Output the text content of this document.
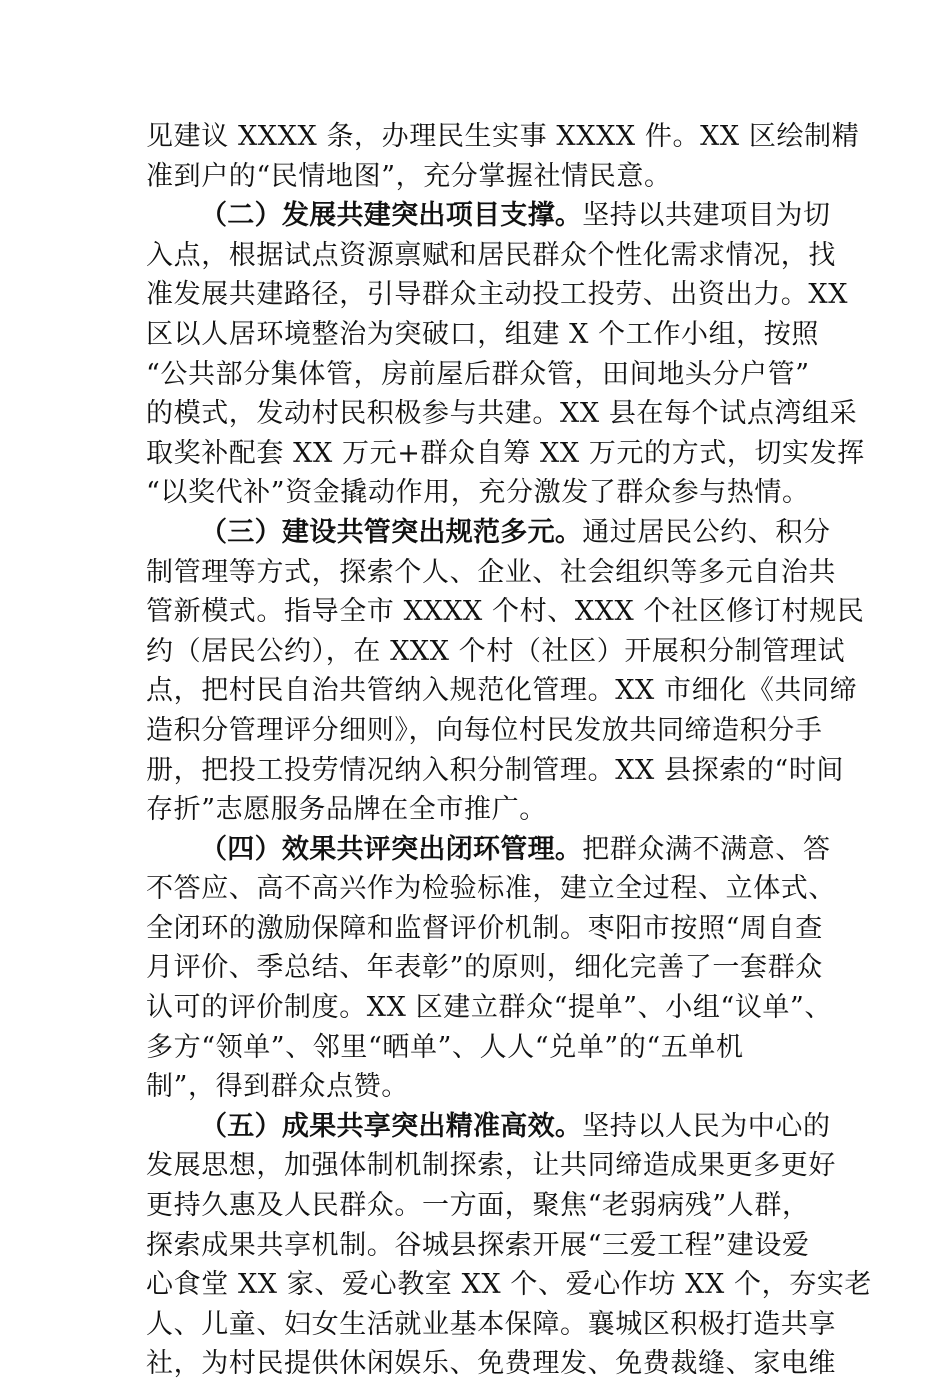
见建议 XXXX 条，办理民生实事 XXXX 件。XX 区绘制精
准到户的“民情地图”，充分掌握社情民意。
（二）发展共建突出项目支撑。坚持以共建项目为切
入点，根据试点资源禀赋和居民群众个性化需求情况，找
准发展共建路径，引导群众主动投工投劳、出资出力。XX
区以人居环境整治为突破口，组建 X 个工作小组，按照
“公共部分集体管，房前屋后群众管，田间地头分户管”
的模式，发动村民积极参与共建。XX 县在每个试点湾组采
取奖补配套 XX 万元+群众自筹 XX 万元的方式，切实发挥
“以奖代补”资金撬动作用，充分激发了群众参与热情。
（三）建设共管突出规范多元。通过居民公约、积分
制管理等方式，探索个人、企业、社会组织等多元自治共
管新模式。指导全市 XXXX 个村、XXX 个社区修订村规民
约（居民公约），在 XXX 个村（社区）开展积分制管理试
点，把村民自治共管纳入规范化管理。XX 市细化《共同缔
造积分管理评分细则》，向每位村民发放共同缔造积分手
册，把投工投劳情况纳入积分制管理。XX 县探索的“时间
存折”志愿服务品牌在全市推广。
（四）效果共评突出闭环管理。把群众满不满意、答
不答应、高不高兴作为检验标准，建立全过程、立体式、
全闭环的激励保障和监督评价机制。枣阳市按照“周自查
月评价、季总结、年表彰”的原则，细化完善了一套群众
认可的评价制度。XX 区建立群众“提单”、小组“议单”、
多方“领单”、邻里“晒单”、人人“兑单”的“五单机
制”，得到群众点赞。
（五）成果共享突出精准高效。坚持以人民为中心的
发展思想，加强体制机制探索，让共同缔造成果更多更好
更持久惠及人民群众。一方面，聚焦“老弱病残”人群，
探索成果共享机制。谷城县探索开展“三爱工程”建设爱
心食堂 XX 家、爱心教室 XX 个、爱心作坊 XX 个，夯实老
人、儿童、妇女生活就业基本保障。襄城区积极打造共享
社，为村民提供休闲娱乐、免费理发、免费裁缝、家电维
